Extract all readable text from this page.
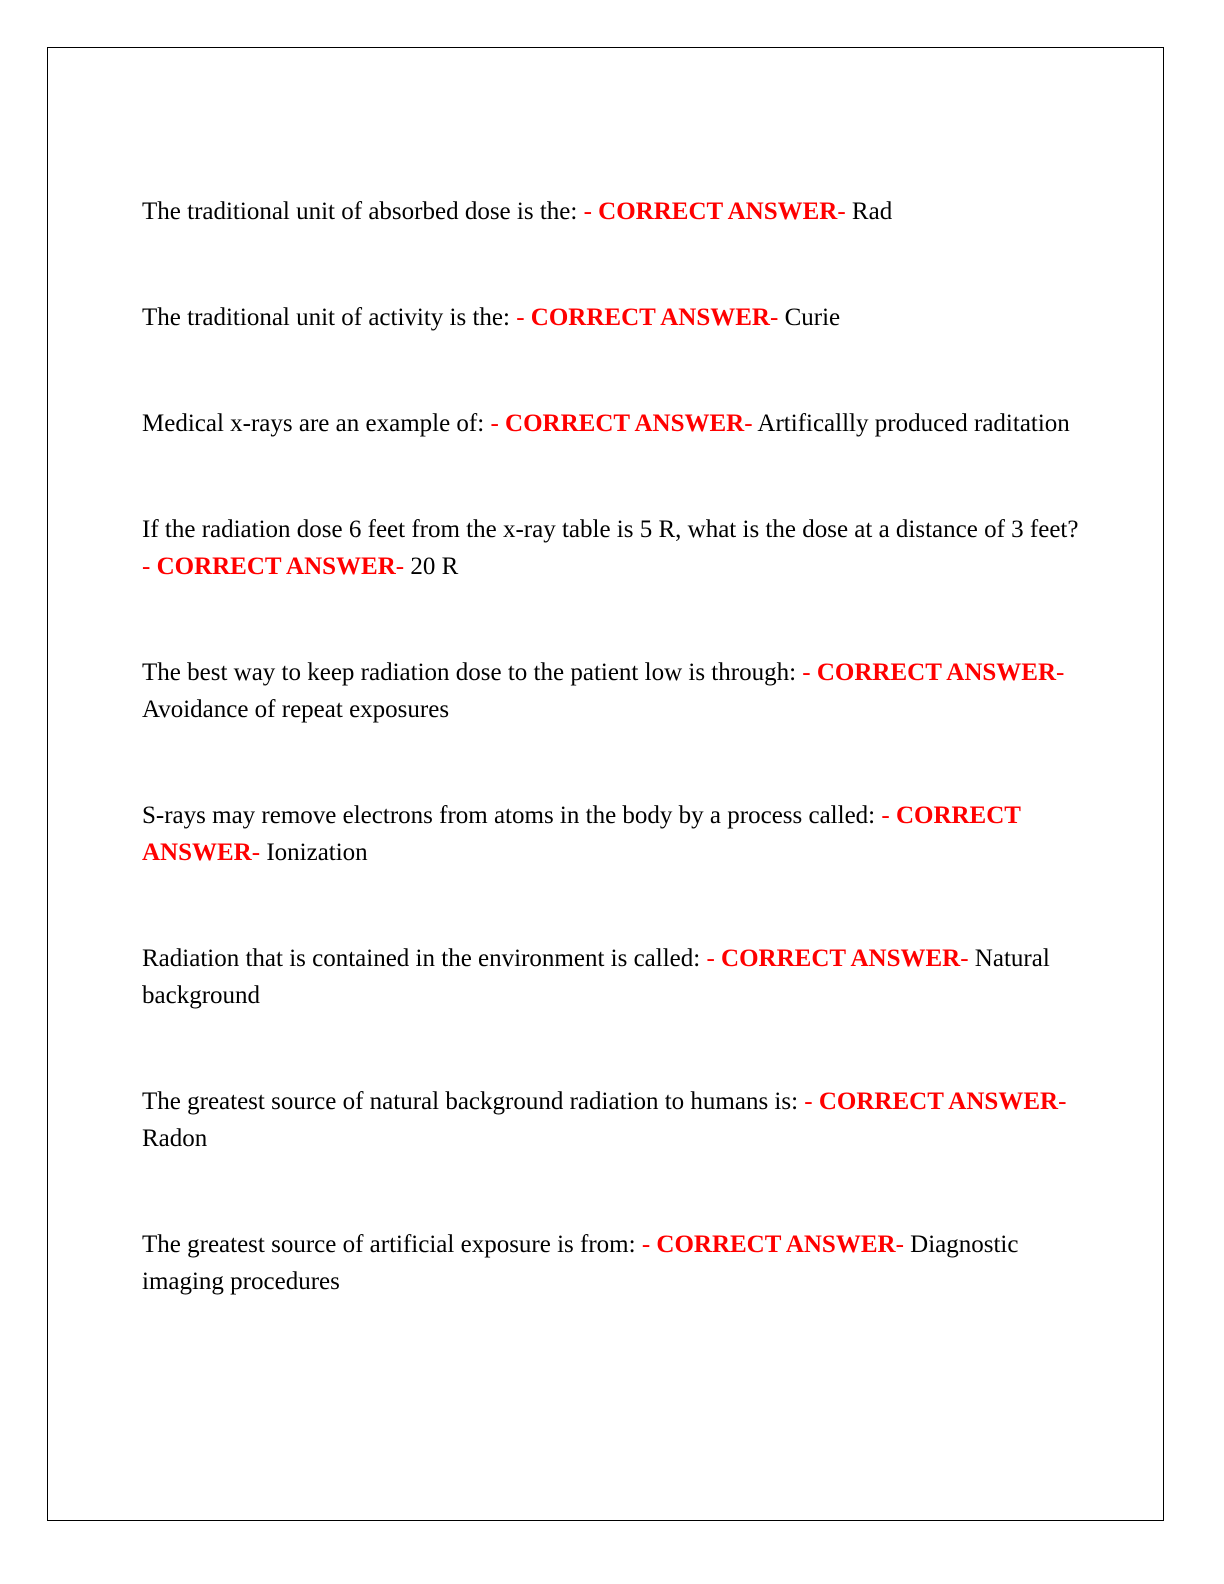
The traditional unit of absorbed dose is the: - CORRECT ANSWER- Rad

The traditional unit of activity is the: - CORRECT ANSWER- Curie

Medical x-rays are an example of: - CORRECT ANSWER- Artificallly produced raditation

If the radiation dose 6 feet from the x-ray table is 5 R, what is the dose at a distance of 3 feet? - CORRECT ANSWER- 20 R

The best way to keep radiation dose to the patient low is through: - CORRECT ANSWER- Avoidance of repeat exposures

S-rays may remove electrons from atoms in the body by a process called: - CORRECT ANSWER- Ionization

Radiation that is contained in the environment is called: - CORRECT ANSWER- Natural background

The greatest source of natural background radiation to humans is: - CORRECT ANSWER- Radon

The greatest source of artificial exposure is from: - CORRECT ANSWER- Diagnostic imaging procedures
